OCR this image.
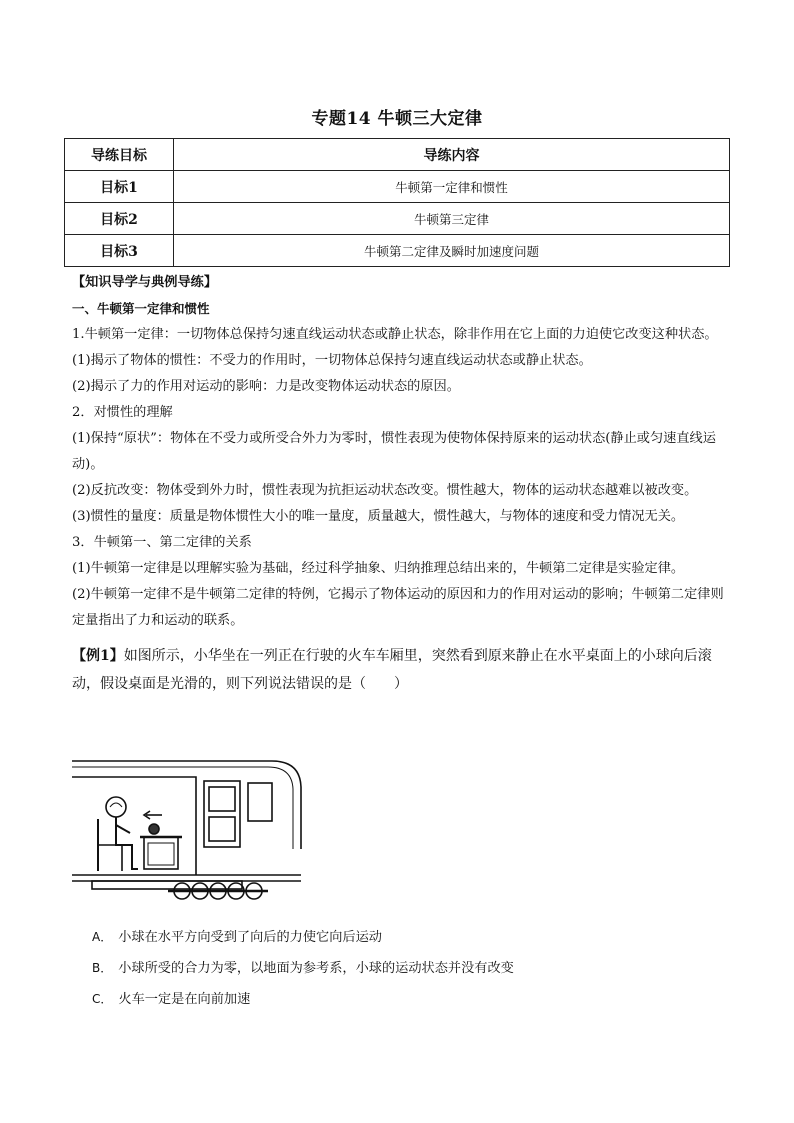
专题14 牛顿三大定律
导练目标	导练内容
目标1	牛顿第一定律和惯性
目标2	牛顿第三定律
目标3	牛顿第二定律及瞬时加速度问题

【知识导学与典例导练】

一、牛顿第一定律和惯性

1.牛顿第一定律：一切物体总保持匀速直线运动状态或静止状态，除非作用在它上面的力迫使它改变这种状态。

(1)揭示了物体的惯性：不受力的作用时，一切物体总保持匀速直线运动状态或静止状态。

(2)揭示了力的作用对运动的影响：力是改变物体运动状态的原因。

2．对惯性的理解

(1)保持“原状”：物体在不受力或所受合外力为零时，惯性表现为使物体保持原来的运动状态(静止或匀速直线运动)。

(2)反抗改变：物体受到外力时，惯性表现为抗拒运动状态改变。惯性越大，物体的运动状态越难以被改变。

(3)惯性的量度：质量是物体惯性大小的唯一量度，质量越大，惯性越大，与物体的速度和受力情况无关。

3．牛顿第一、第二定律的关系

(1)牛顿第一定律是以理解实验为基础，经过科学抽象、归纳推理总结出来的，牛顿第二定律是实验定律。

(2)牛顿第一定律不是牛顿第二定律的特例，它揭示了物体运动的原因和力的作用对运动的影响；牛顿第二定律则定量指出了力和运动的联系。

【例1】如图所示，小华坐在一列正在行驶的火车车厢里，突然看到原来静止在水平桌面上的小球向后滚动，假设桌面是光滑的，则下列说法错误的是（　　）

A． 小球在水平方向受到了向后的力使它向后运动

B． 小球所受的合力为零，以地面为参考系，小球的运动状态并没有改变

C． 火车一定是在向前加速
